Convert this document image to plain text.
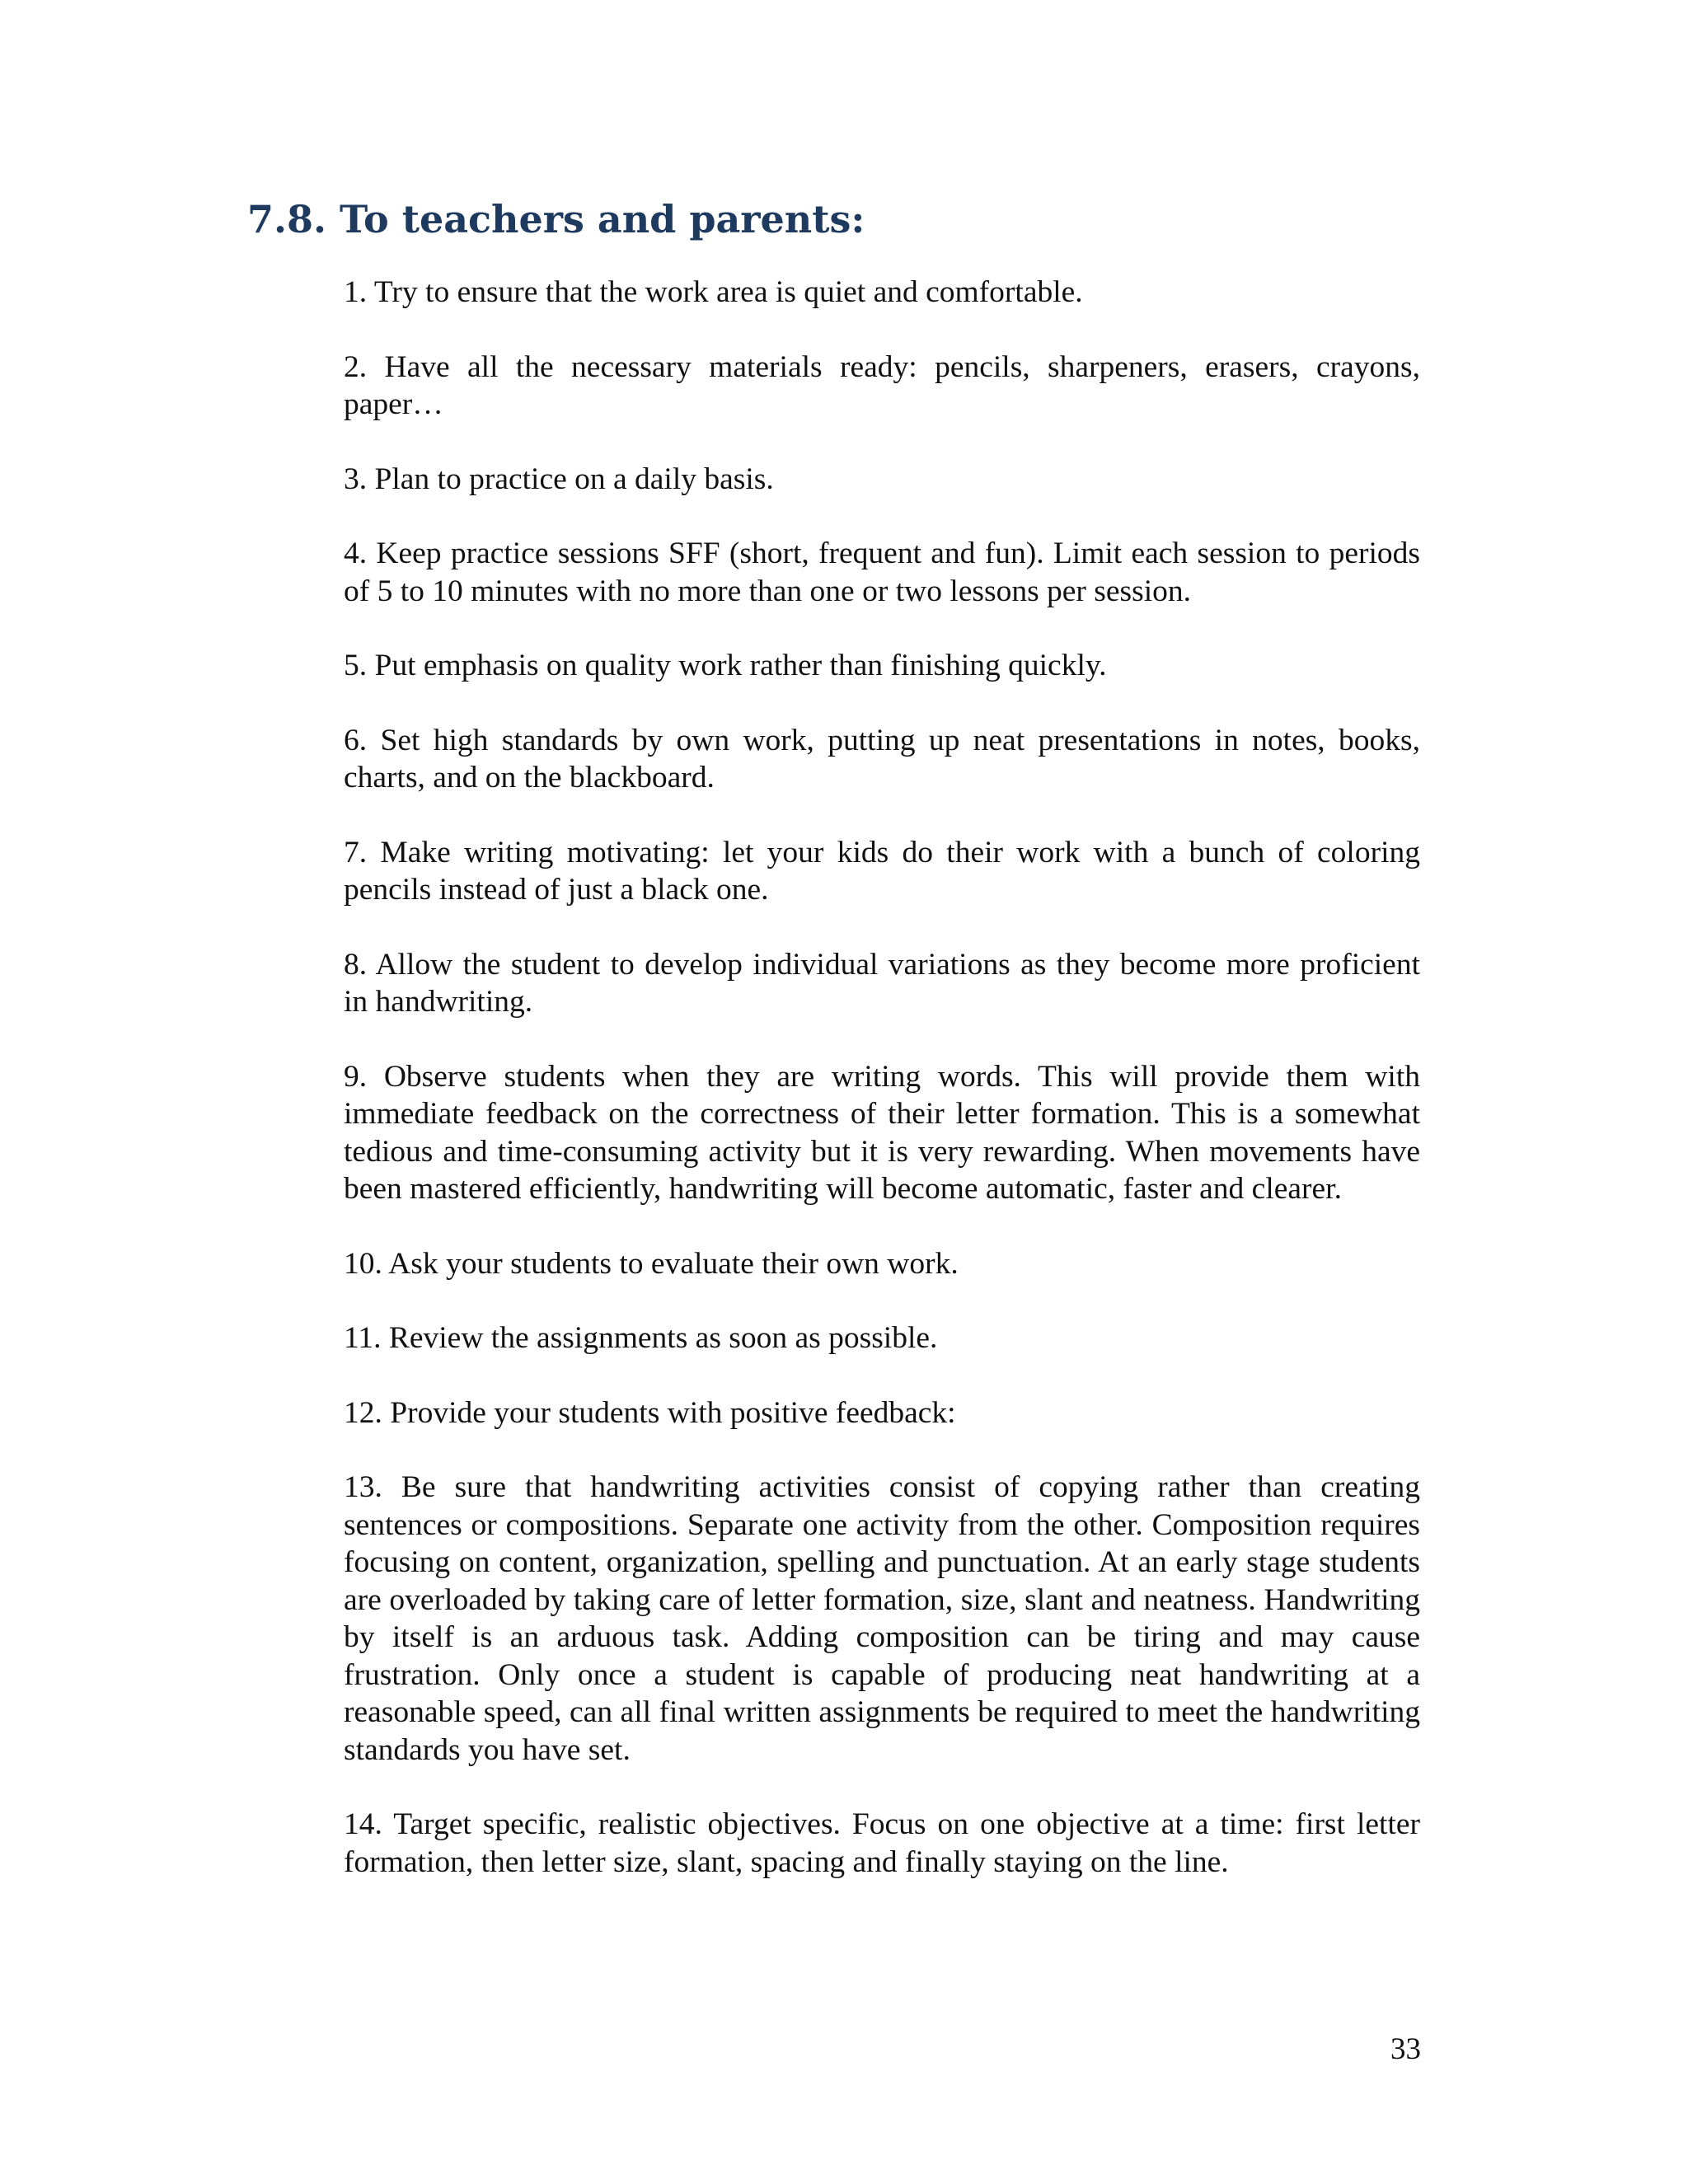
7.8. To teachers and parents:
1. Try to ensure that the work area is quiet and comfortable.
2. Have all the necessary materials ready: pencils, sharpeners, erasers, crayons, paper…
3. Plan to practice on a daily basis.
4. Keep practice sessions SFF (short, frequent and fun). Limit each session to periods of 5 to 10 minutes with no more than one or two lessons per session.
5. Put emphasis on quality work rather than finishing quickly.
6. Set high standards by own work, putting up neat presentations in notes, books, charts, and on the blackboard.
7. Make writing motivating: let your kids do their work with a bunch of coloring pencils instead of just a black one.
8. Allow the student to develop individual variations as they become more proficient in handwriting.
9. Observe students when they are writing words. This will provide them with immediate feedback on the correctness of their letter formation. This is a somewhat tedious and time-consuming activity but it is very rewarding. When movements have been mastered efficiently, handwriting will become automatic, faster and clearer.
10. Ask your students to evaluate their own work.
11. Review the assignments as soon as possible.
12. Provide your students with positive feedback:
13. Be sure that handwriting activities consist of copying rather than creating sentences or compositions. Separate one activity from the other. Composition requires focusing on content, organization, spelling and punctuation. At an early stage students are overloaded by taking care of letter formation, size, slant and neatness. Handwriting by itself is an arduous task. Adding composition can be tiring and may cause frustration. Only once a student is capable of producing neat handwriting at a reasonable speed, can all final written assignments be required to meet the handwriting standards you have set.
14. Target specific, realistic objectives. Focus on one objective at a time: first letter formation, then letter size, slant, spacing and finally staying on the line.
33
